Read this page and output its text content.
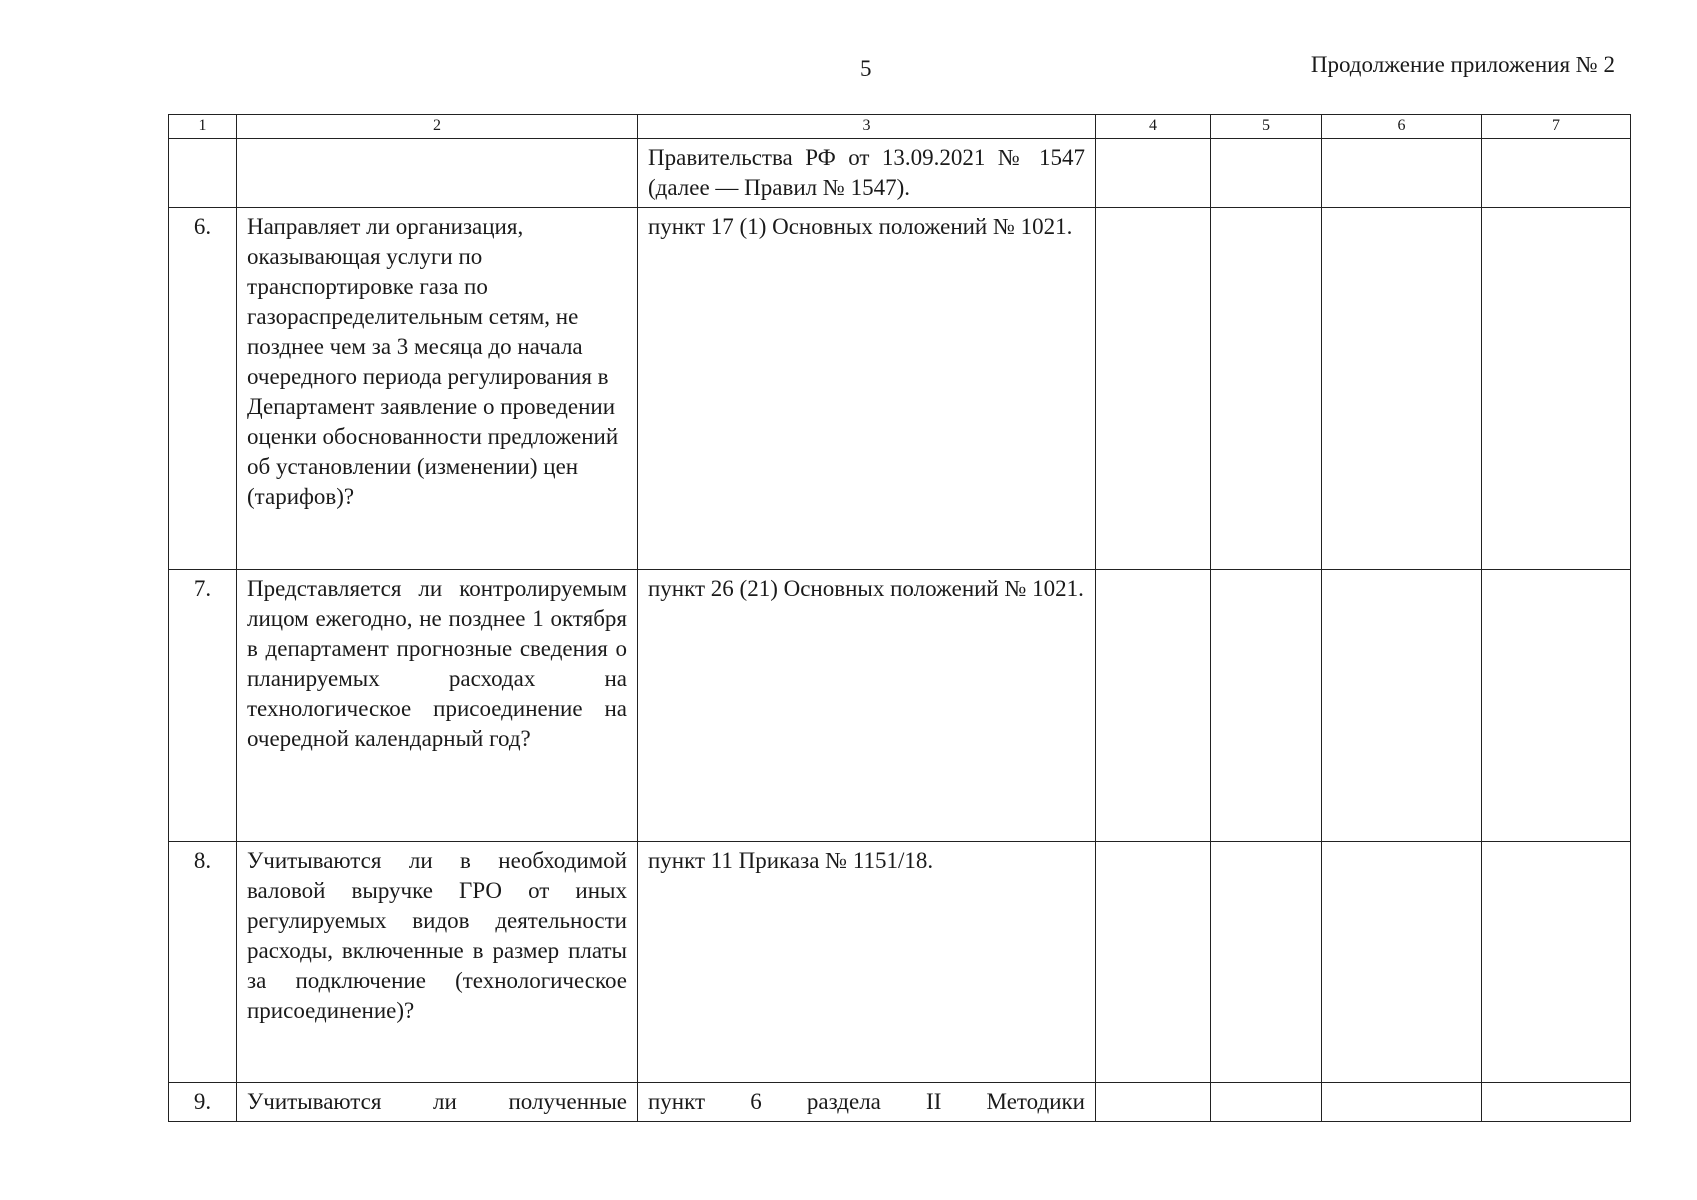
5	Продолжение приложения № 2
1	2	3	4	5	6	7
		Правительства РФ от 13.09.2021 № 1547 (далее — Правил № 1547).				
6.	Направляет ли организация, оказывающая услуги по транспортировке газа по газораспределительным сетям, не позднее чем за 3 месяца до начала очередного периода регулирования в Департамент заявление о проведении оценки обоснованности предложений об установлении (изменении) цен (тарифов)?	пункт 17 (1) Основных положений № 1021.				
7.	Представляется ли контролируемым лицом ежегодно, не позднее 1 октября в департамент прогнозные сведения о планируемых расходах на технологическое присоединение на очередной календарный год?	пункт 26 (21) Основных положений № 1021.				
8.	Учитываются ли в необходимой валовой выручке ГРО от иных регулируемых видов деятельности расходы, включенные в размер платы за подключение (технологическое присоединение)?	пункт 11 Приказа № 1151/18.				
9.	Учитываются ли полученные	пункт 6 раздела II Методики				
